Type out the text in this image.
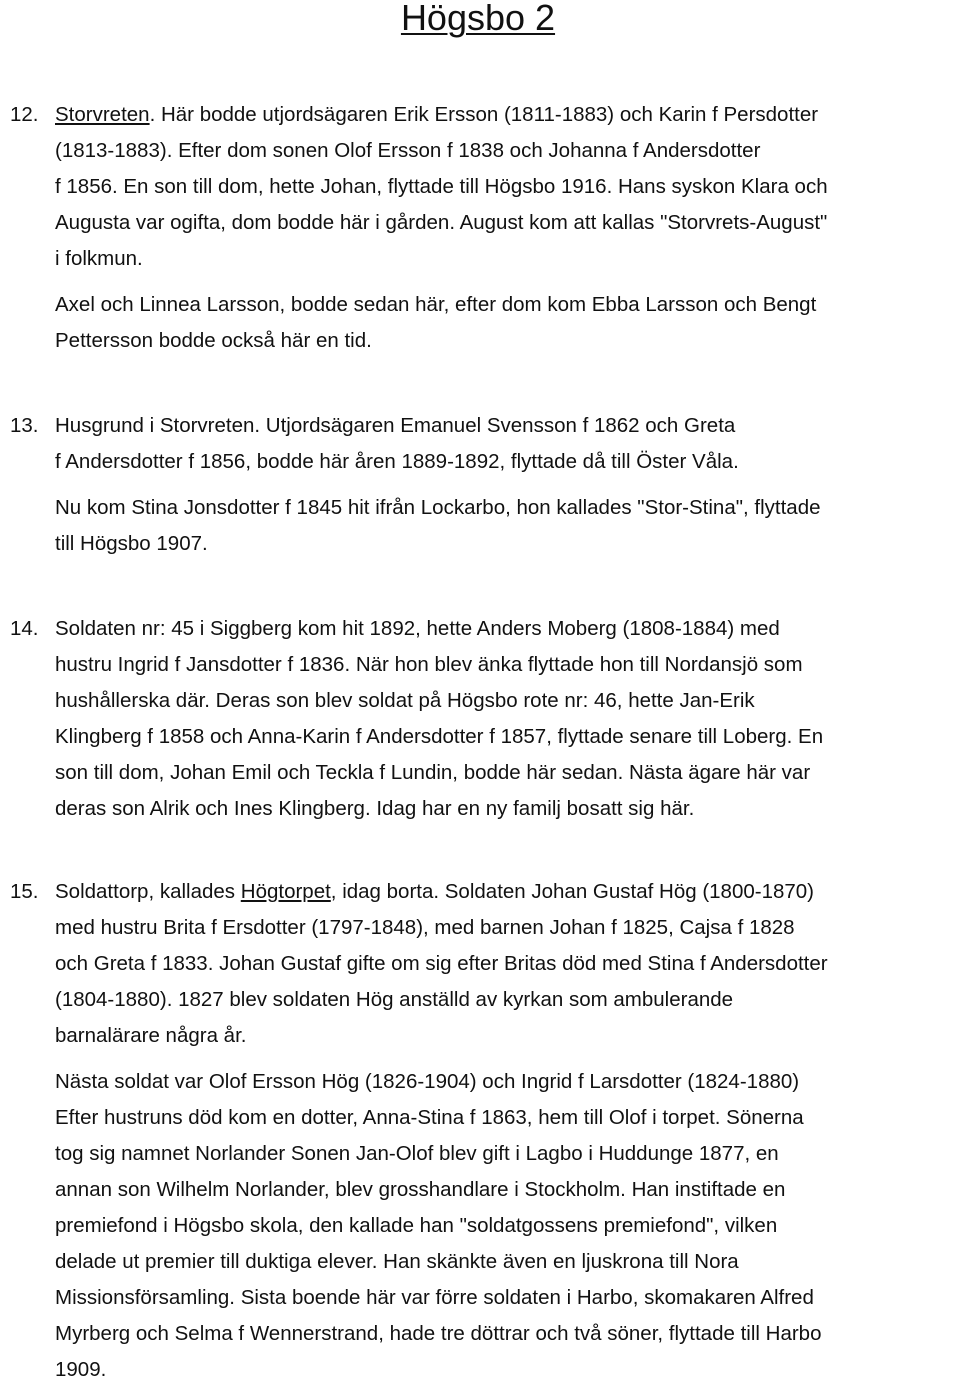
Högsbo 2
12. Storvreten. Här bodde utjordsägaren Erik Ersson (1811-1883) och Karin f Persdotter
(1813-1883). Efter dom sonen Olof Ersson f 1838 och Johanna f Andersdotter
f 1856. En son till dom, hette Johan, flyttade till Högsbo 1916. Hans syskon Klara och
Augusta var ogifta, dom bodde här i gården. August kom att kallas "Storvrets-August"
i folkmun.

Axel och Linnea Larsson, bodde sedan här, efter dom kom Ebba Larsson och Bengt
Pettersson bodde också här en tid.

13. Husgrund i Storvreten. Utjordsägaren Emanuel Svensson f 1862 och Greta
f Andersdotter f 1856, bodde här åren 1889-1892, flyttade då till Öster Våla.

Nu kom Stina Jonsdotter f 1845 hit ifrån Lockarbo, hon kallades "Stor-Stina", flyttade
till Högsbo 1907.

14. Soldaten nr: 45 i Siggberg kom hit 1892, hette Anders Moberg (1808-1884) med
hustru Ingrid f Jansdotter f 1836. När hon blev änka flyttade hon till Nordansjö som
hushållerska där. Deras son blev soldat på Högsbo rote nr: 46, hette Jan-Erik
Klingberg f 1858 och Anna-Karin f Andersdotter f 1857, flyttade senare till Loberg. En
son till dom, Johan Emil och Teckla f Lundin, bodde här sedan. Nästa ägare här var
deras son Alrik och Ines Klingberg. Idag har en ny familj bosatt sig här.

15. Soldattorp, kallades Högtorpet, idag borta. Soldaten Johan Gustaf Hög (1800-1870)
med hustru Brita f Ersdotter (1797-1848), med barnen Johan f 1825, Cajsa f 1828
och Greta f 1833. Johan Gustaf gifte om sig efter Britas död med Stina f Andersdotter
(1804-1880). 1827 blev soldaten Hög anställd av kyrkan som ambulerande
barnalärare några år.

Nästa soldat var Olof Ersson Hög (1826-1904) och Ingrid f Larsdotter (1824-1880)
Efter hustruns död kom en dotter, Anna-Stina f 1863, hem till Olof i torpet. Sönerna
tog sig namnet Norlander Sonen Jan-Olof blev gift i Lagbo i Huddunge 1877, en
annan son Wilhelm Norlander, blev grosshandlare i Stockholm. Han instiftade en
premiefond i Högsbo skola, den kallade han "soldatgossens premiefond", vilken
delade ut premier till duktiga elever. Han skänkte även en ljuskrona till Nora
Missionsförsamling. Sista boende här var förre soldaten i Harbo, skomakaren Alfred
Myrberg och Selma f Wennerstrand, hade tre döttrar och två söner, flyttade till Harbo
1909.
